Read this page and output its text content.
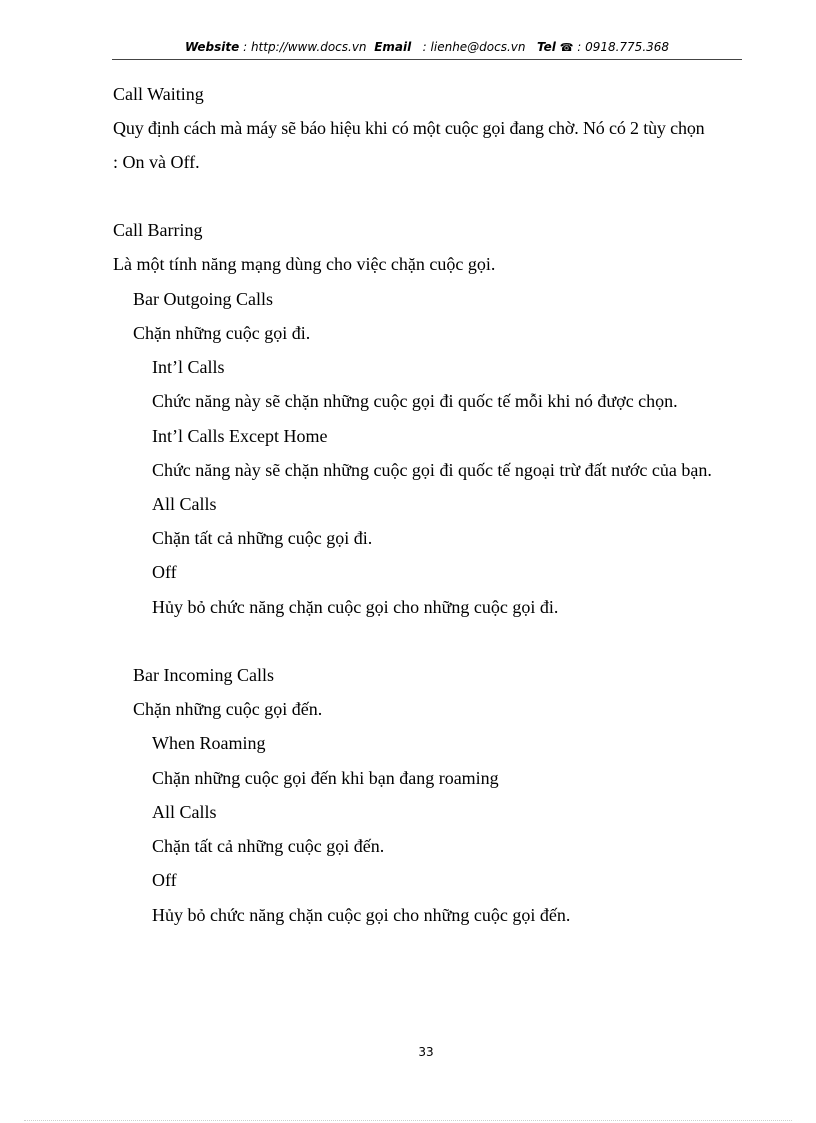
Website : http://www.docs.vn Email   : lienhe@docs.vn Tel ☎ : 0918.775.368
Call Waiting
Quy định cách mà máy sẽ báo hiệu khi có một cuộc gọi đang chờ. Nó có 2 tùy chọn
: On và Off.
Call Barring
Là một tính năng mạng dùng cho việc chặn cuộc gọi.
Bar Outgoing Calls
Chặn những cuộc gọi đi.
Int’l Calls
Chức năng này sẽ chặn những cuộc gọi đi quốc tế mỗi khi nó được chọn.
Int’l Calls Except Home
Chức năng này sẽ chặn những cuộc gọi đi quốc tế ngoại trừ đất nước của bạn.
All Calls
Chặn tất cả những cuộc gọi đi.
Off
Hủy bỏ chức năng chặn cuộc gọi cho những cuộc gọi đi.
Bar Incoming Calls
Chặn những cuộc gọi đến.
When Roaming
Chặn những cuộc gọi đến khi bạn đang roaming
All Calls
Chặn tất cả những cuộc gọi đến.
Off
Hủy bỏ chức năng chặn cuộc gọi cho những cuộc gọi đến.
33
